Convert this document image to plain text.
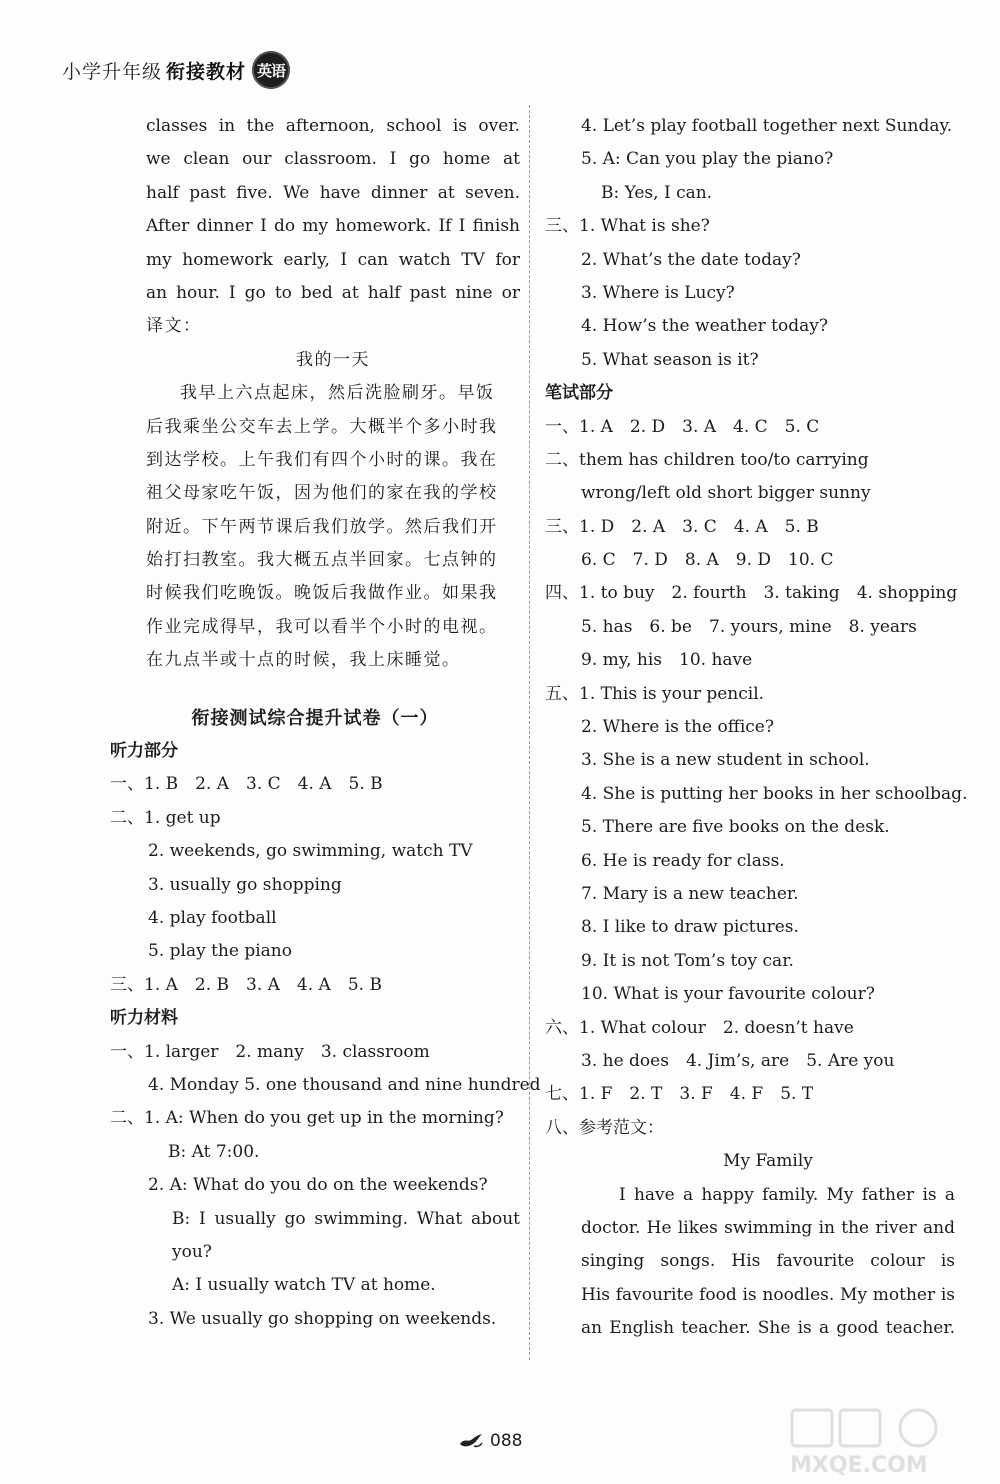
小学升年级 衔接教材 英语
classes in the afternoon, school is over.
we clean our classroom. I go home at
half past five. We have dinner at seven.
After dinner I do my homework. If I finish
my homework early, I can watch TV for
an hour. I go to bed at half past nine or
译文：
我的一天
我早上六点起床，然后洗脸刷牙。早饭
后我乘坐公交车去上学。大概半个多小时我
到达学校。上午我们有四个小时的课。我在
祖父母家吃午饭，因为他们的家在我的学校
附近。下午两节课后我们放学。然后我们开
始打扫教室。我大概五点半回家。七点钟的
时候我们吃晚饭。晚饭后我做作业。如果我
作业完成得早，我可以看半个小时的电视。
在九点半或十点的时候，我上床睡觉。
衔接测试综合提升试卷（一）
听力部分
一、1. B　2. A　3. C　4. A　5. B
二、1. get up
2. weekends, go swimming, watch TV
3. usually go shopping
4. play football
5. play the piano
三、1. A　2. B　3. A　4. A　5. B
听力材料
一、1. larger　2. many　3. classroom
4. Monday 5. one thousand and nine hundred
二、1. A: When do you get up in the morning?
B: At 7:00.
2. A: What do you do on the weekends?
B: I usually go swimming. What about
you?
A: I usually watch TV at home.
3. We usually go shopping on weekends.
4. Let’s play football together next Sunday.
5. A: Can you play the piano?
B: Yes, I can.
三、1. What is she?
2. What’s the date today?
3. Where is Lucy?
4. How’s the weather today?
5. What season is it?
笔试部分
一、1. A　2. D　3. A　4. C　5. C
二、them has children too/to carrying
wrong/left old short bigger sunny
三、1. D　2. A　3. C　4. A　5. B
6. C　7. D　8. A　9. D　10. C
四、1. to buy　2. fourth　3. taking　4. shopping
5. has　6. be　7. yours, mine　8. years
9. my, his　10. have
五、1. This is your pencil.
2. Where is the office?
3. She is a new student in school.
4. She is putting her books in her schoolbag.
5. There are five books on the desk.
6. He is ready for class.
7. Mary is a new teacher.
8. I like to draw pictures.
9. It is not Tom’s toy car.
10. What is your favourite colour?
六、1. What colour　2. doesn’t have
3. he does　4. Jim’s, are　5. Are you
七、1. F　2. T　3. F　4. F　5. T
八、参考范文：
My Family
I have a happy family. My father is a
doctor. He likes swimming in the river and
singing songs. His favourite colour is
His favourite food is noodles. My mother is
an English teacher. She is a good teacher.
088
MXQE.COM
